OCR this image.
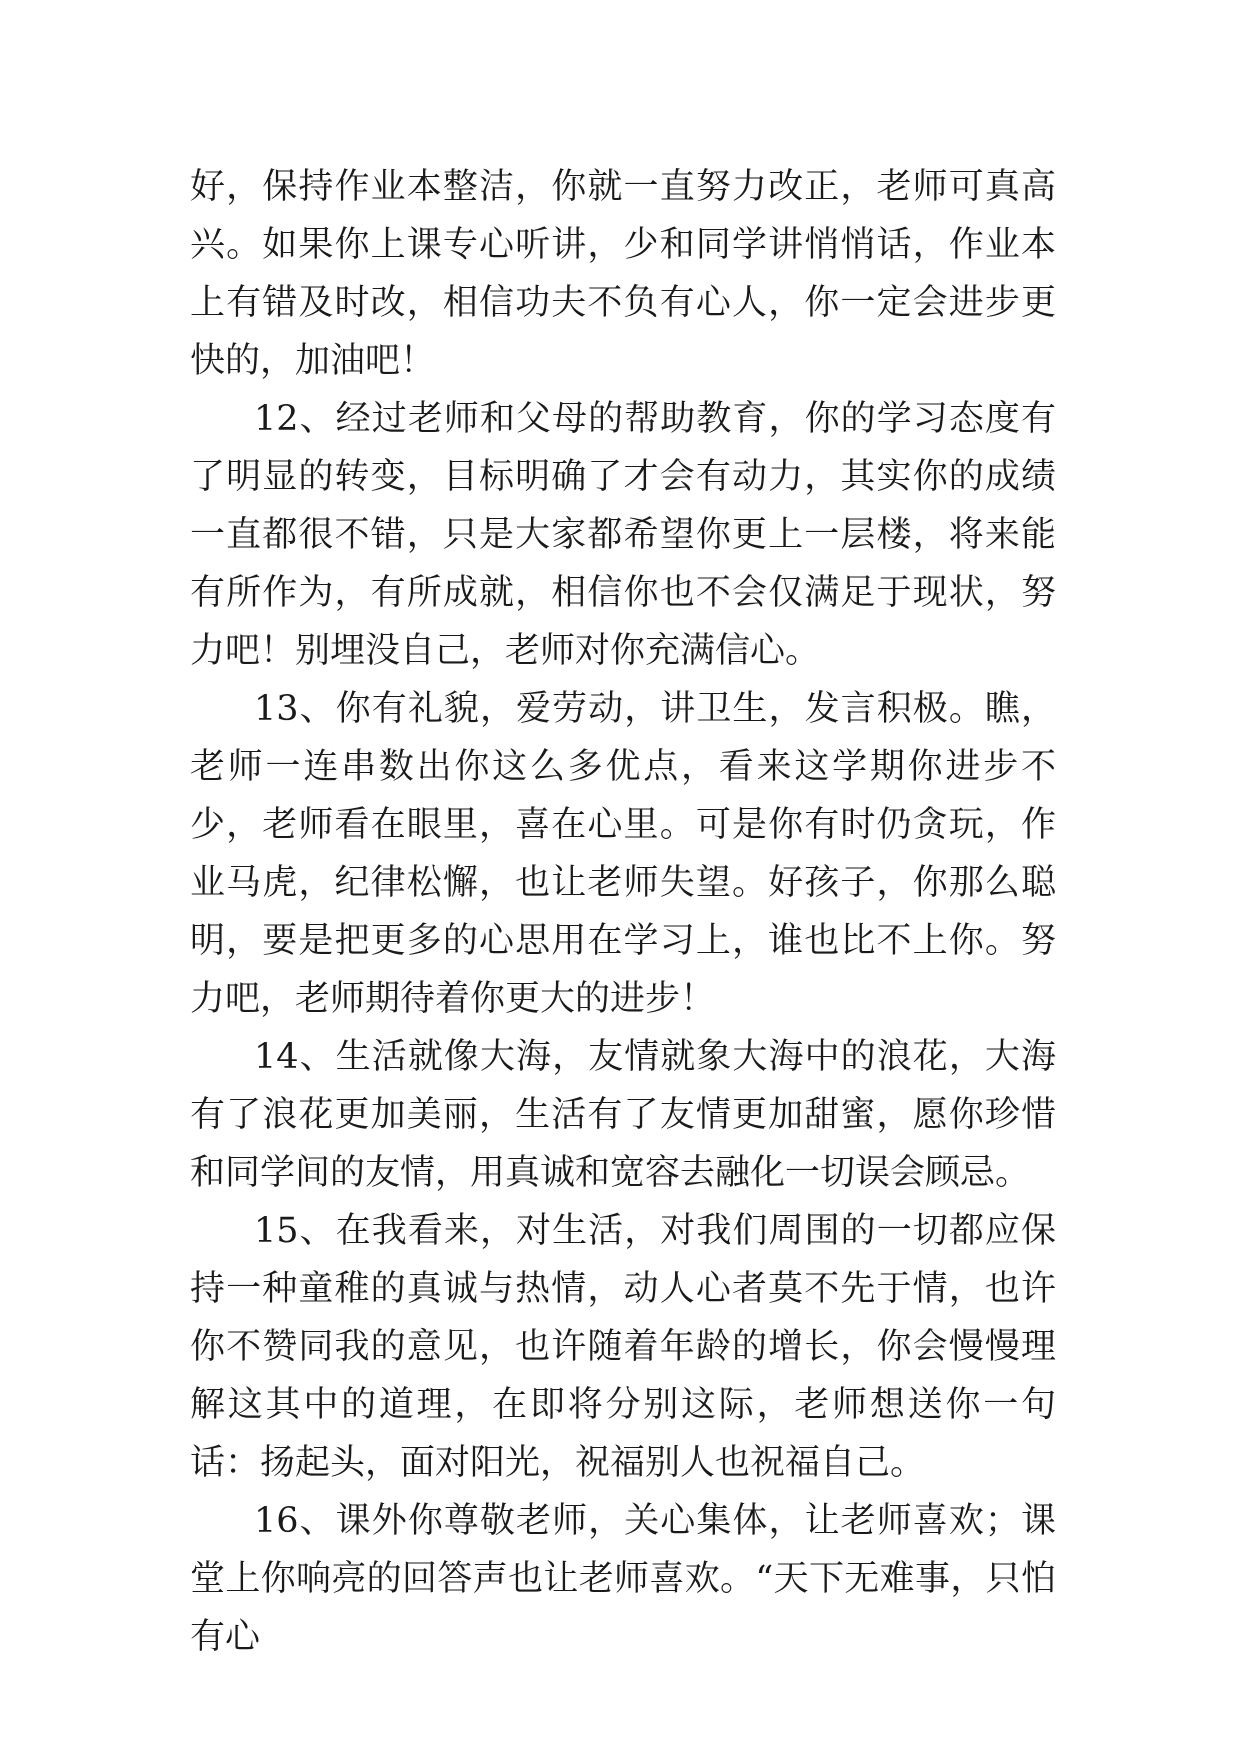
好，保持作业本整洁，你就一直努力改正，老师可真高兴。如果你上课专心听讲，少和同学讲悄悄话，作业本上有错及时改，相信功夫不负有心人，你一定会进步更快的，加油吧！

12、经过老师和父母的帮助教育，你的学习态度有了明显的转变，目标明确了才会有动力，其实你的成绩一直都很不错，只是大家都希望你更上一层楼，将来能有所作为，有所成就，相信你也不会仅满足于现状，努力吧！别埋没自己，老师对你充满信心。

13、你有礼貌，爱劳动，讲卫生，发言积极。瞧，老师一连串数出你这么多优点，看来这学期你进步不少，老师看在眼里，喜在心里。可是你有时仍贪玩，作业马虎，纪律松懈，也让老师失望。好孩子，你那么聪明，要是把更多的心思用在学习上，谁也比不上你。努力吧，老师期待着你更大的进步！

14、生活就像大海，友情就象大海中的浪花，大海有了浪花更加美丽，生活有了友情更加甜蜜，愿你珍惜和同学间的友情，用真诚和宽容去融化一切误会顾忌。

15、在我看来，对生活，对我们周围的一切都应保持一种童稚的真诚与热情，动人心者莫不先于情，也许你不赞同我的意见，也许随着年龄的增长，你会慢慢理解这其中的道理，在即将分别这际，老师想送你一句话：扬起头，面对阳光，祝福别人也祝福自己。

16、课外你尊敬老师，关心集体，让老师喜欢；课堂上你响亮的回答声也让老师喜欢。“天下无难事，只怕有心
